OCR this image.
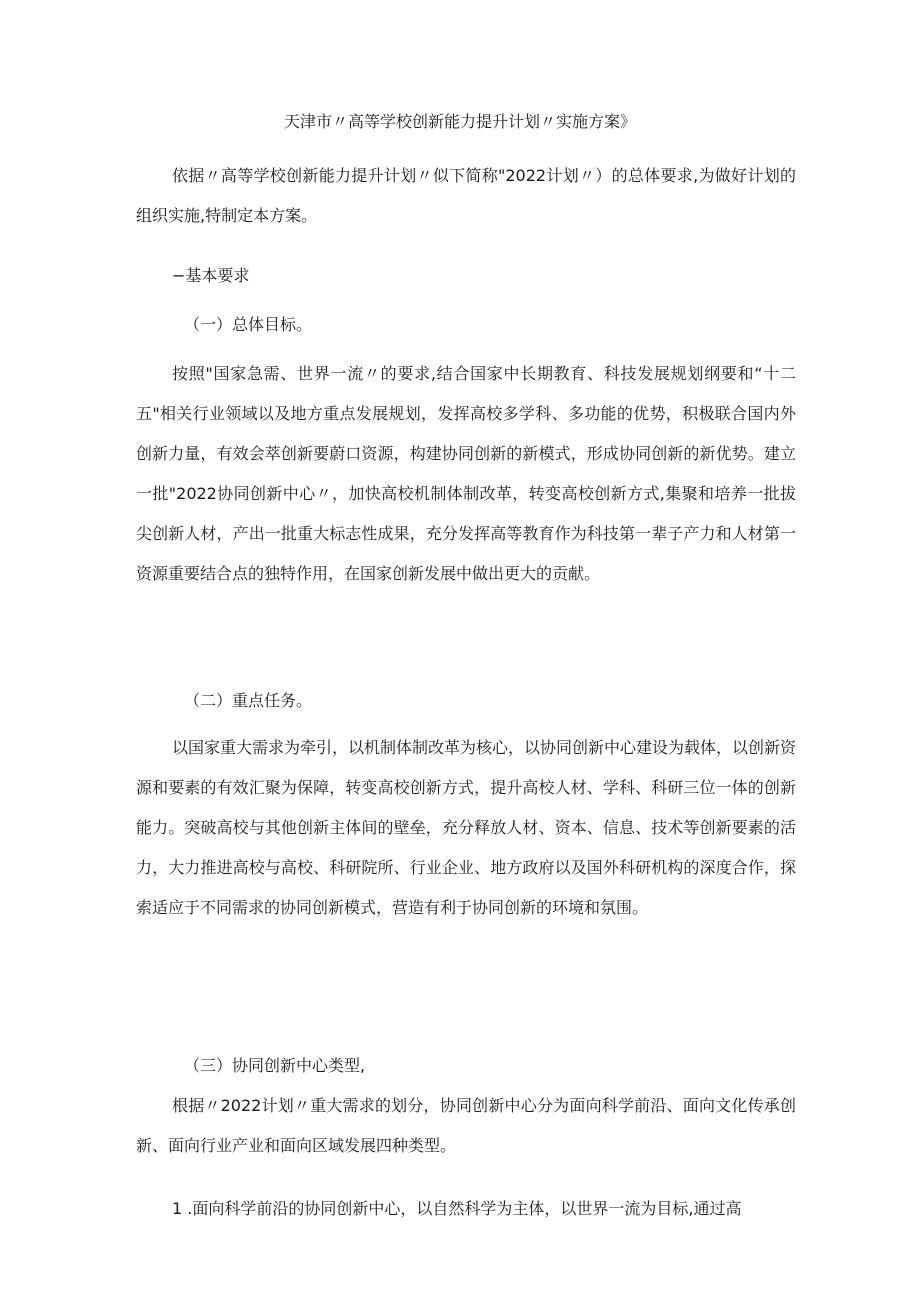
天津市〃高等学校创新能力提升计划〃实施方案》
依据〃高等学校创新能力提升计划〃似下简称"2022计划〃）的总体要求,为做好计划的组织实施,特制定本方案。
−基本要求
（一）总体目标。
按照"国家急需、世界一流〃的要求,结合国家中长期教育、科技发展规划纲要和“十二五"相关行业领域以及地方重点发展规划，发挥高校多学科、多功能的优势，积极联合国内外创新力量，有效会萃创新要蔚口资源，构建协同创新的新模式，形成协同创新的新优势。建立一批"2022协同创新中心〃，加快高校机制体制改革，转变高校创新方式,集聚和培养一批拔尖创新人材，产出一批重大标志性成果，充分发挥高等教育作为科技第一辈子产力和人材第一资源重要结合点的独特作用，在国家创新发展中做出更大的贡献。
（二）重点任务。
以国家重大需求为牵引，以机制体制改革为核心，以协同创新中心建设为载体，以创新资源和要素的有效汇聚为保障，转变高校创新方式，提升高校人材、学科、科研三位一体的创新能力。突破高校与其他创新主体间的壁垒，充分释放人材、资本、信息、技术等创新要素的活力，大力推进高校与高校、科研院所、行业企业、地方政府以及国外科研机构的深度合作，探索适应于不同需求的协同创新模式，营造有利于协同创新的环境和氛围。
（三）协同创新中心类型,
根据〃2022计划〃重大需求的划分，协同创新中心分为面向科学前沿、面向文化传承创新、面向行业产业和面向区域发展四种类型。
1 .面向科学前沿的协同创新中心，以自然科学为主体，以世界一流为目标,通过高
